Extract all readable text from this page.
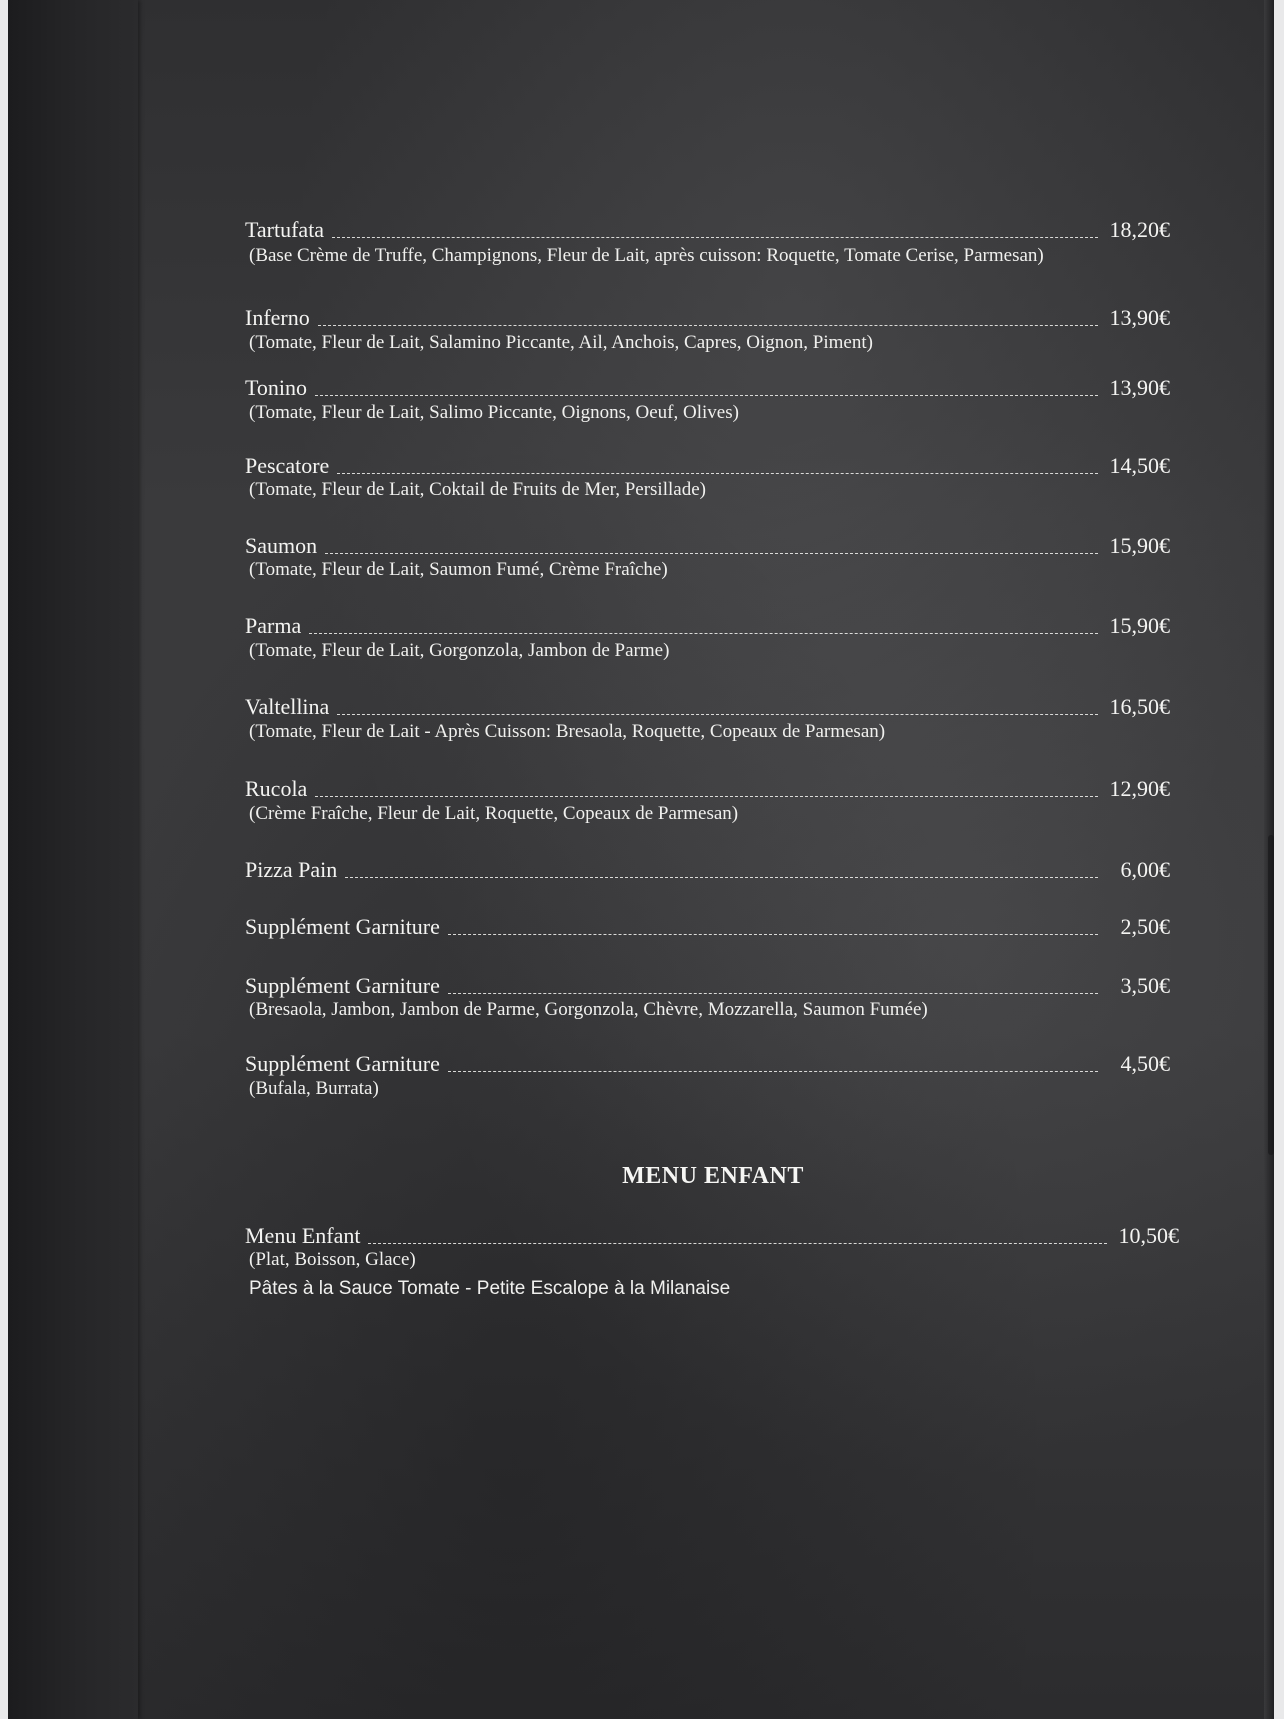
Tartufata	18,20€
(Base Crème de Truffe, Champignons, Fleur de Lait, après cuisson: Roquette, Tomate Cerise, Parmesan)
Inferno	13,90€
(Tomate, Fleur de Lait, Salamino Piccante, Ail, Anchois, Capres, Oignon, Piment)
Tonino	13,90€
(Tomate, Fleur de Lait, Salimo Piccante, Oignons, Oeuf, Olives)
Pescatore	14,50€
(Tomate, Fleur de Lait, Coktail de Fruits de Mer, Persillade)
Saumon	15,90€
(Tomate, Fleur de Lait, Saumon Fumé, Crème Fraîche)
Parma	15,90€
(Tomate, Fleur de Lait, Gorgonzola, Jambon de Parme)
Valtellina	16,50€
(Tomate, Fleur de Lait - Après Cuisson: Bresaola, Roquette, Copeaux de Parmesan)
Rucola	12,90€
(Crème Fraîche, Fleur de Lait, Roquette, Copeaux de Parmesan)
Pizza Pain	6,00€
Supplément Garniture	2,50€
Supplément Garniture	3,50€
(Bresaola, Jambon, Jambon de Parme, Gorgonzola, Chèvre, Mozzarella, Saumon Fumée)
Supplément Garniture	4,50€
(Bufala, Burrata)
MENU ENFANT
Menu Enfant	10,50€
(Plat, Boisson, Glace)
Pâtes à la Sauce Tomate - Petite Escalope à la Milanaise
